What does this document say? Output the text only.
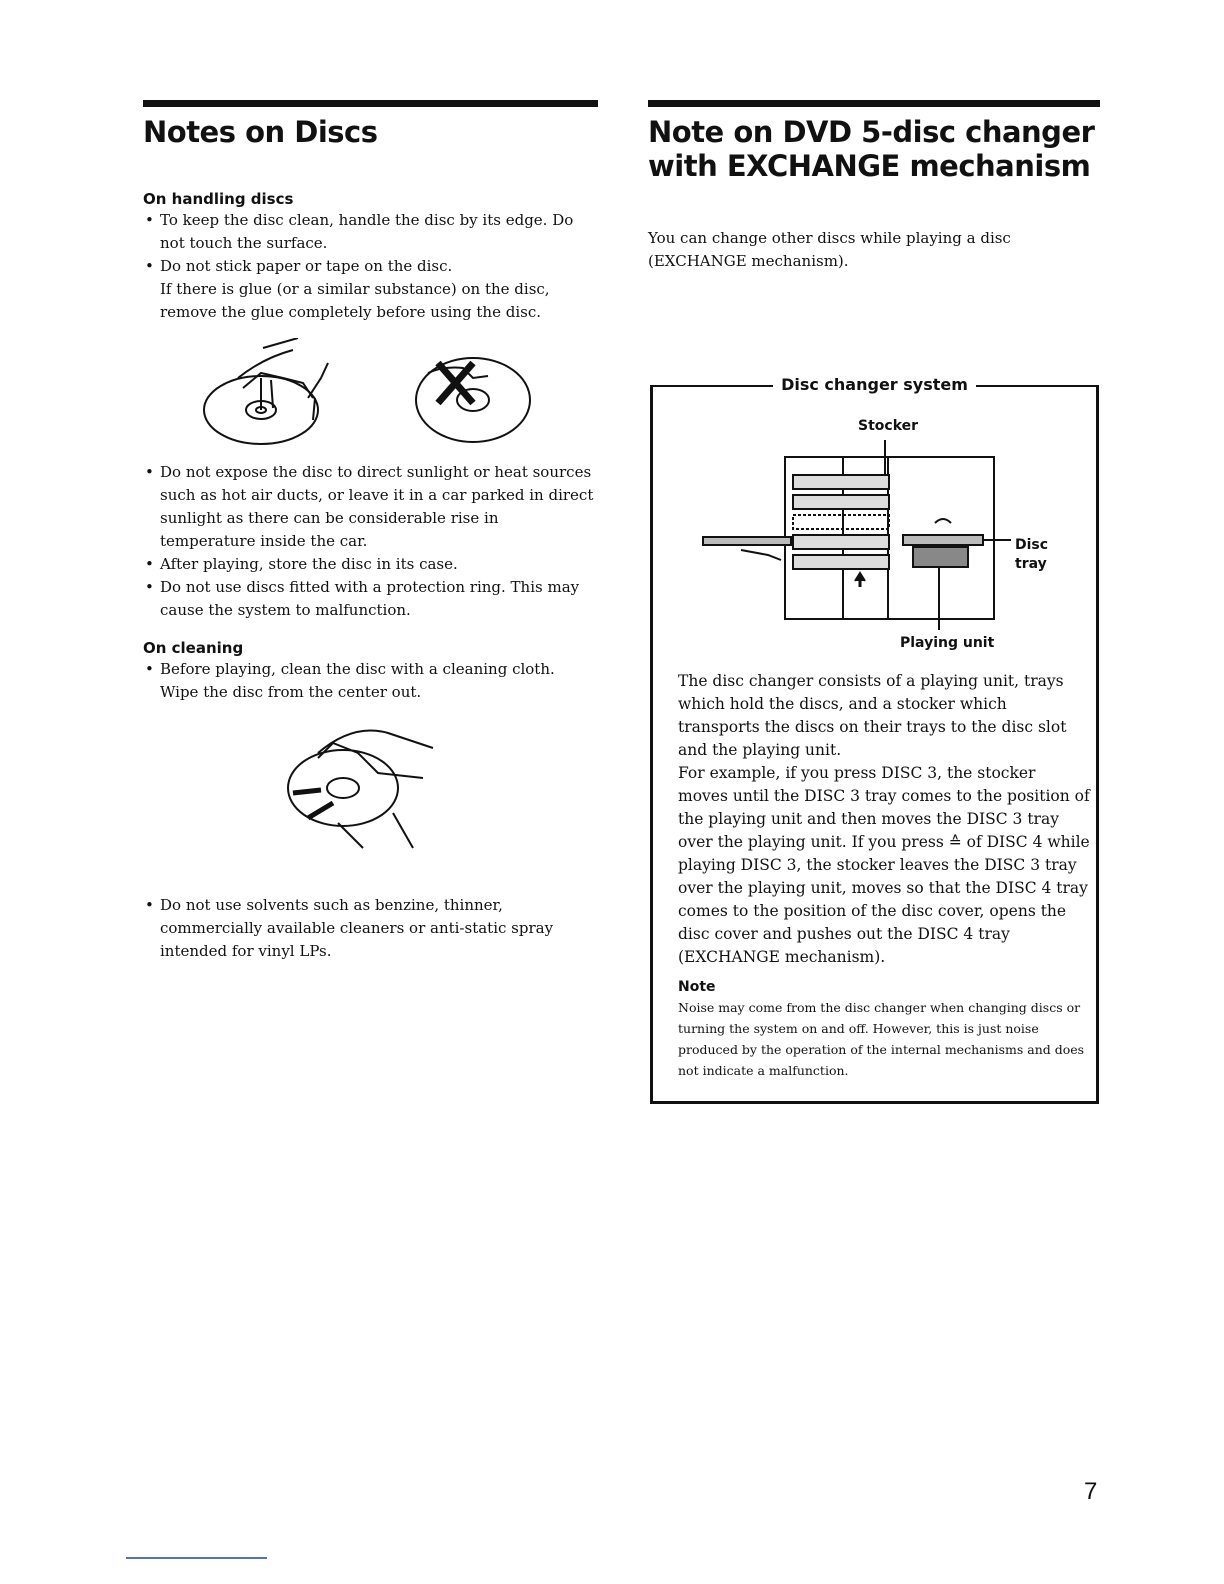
Notes on Discs
On handling discs
• To keep the disc clean, handle the disc by its edge. Do not touch the surface.
• Do not stick paper or tape on the disc.

If there is glue (or a similar substance) on the disc, remove the glue completely before using the disc.

• Do not expose the disc to direct sunlight or heat sources such as hot air ducts, or leave it in a car parked in direct sunlight as there can be considerable rise in temperature inside the car.
• After playing, store the disc in its case.
• Do not use discs fitted with a protection ring. This may cause the system to malfunction.
On cleaning
• Before playing, clean the disc with a cleaning cloth.

Wipe the disc from the center out.

• Do not use solvents such as benzine, thinner, commercially available cleaners or anti-static spray intended for vinyl LPs.
Note on DVD 5-disc changer with EXCHANGE mechanism

You can change other discs while playing a disc (EXCHANGE mechanism).

Disc changer system
Stocker
Disc
tray
Playing unit

The disc changer consists of a playing unit, trays which hold the discs, and a stocker which transports the discs on their trays to the disc slot and the playing unit.

For example, if you press DISC 3, the stocker moves until the DISC 3 tray comes to the position of the playing unit and then moves the DISC 3 tray over the playing unit. If you press ≙ of DISC 4 while playing DISC 3, the stocker leaves the DISC 3 tray over the playing unit, moves so that the DISC 4 tray comes to the position of the disc cover, opens the disc cover and pushes out the DISC 4 tray (EXCHANGE mechanism).

Note

Noise may come from the disc changer when changing discs or turning the system on and off. However, this is just noise produced by the operation of the internal mechanisms and does not indicate a malfunction.

7
